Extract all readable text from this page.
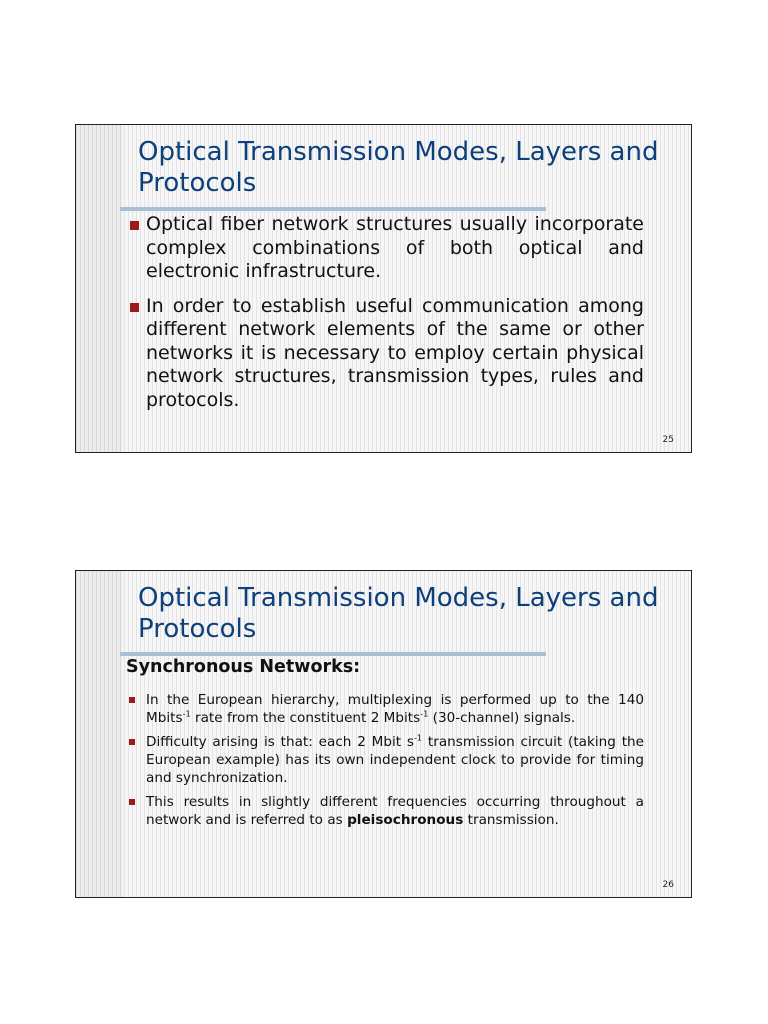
Optical Transmission Modes, Layers and Protocols
Optical fiber network structures usually incorporate complex combinations of both optical and electronic infrastructure.
In order to establish useful communication among different network elements of the same or other networks it is necessary to employ certain physical network structures, transmission types, rules and protocols.
25
Optical Transmission Modes, Layers and Protocols
Synchronous Networks:
In the European hierarchy, multiplexing is performed up to the 140 Mbits$^{-1}$ rate from the constituent 2 Mbits$^{-1}$ (30-channel) signals.
Difficulty arising is that: each 2 Mbit $s^{-1}$ transmission circuit (taking the European example) has its own independent clock to provide for timing and synchronization.
This results in slightly different frequencies occurring throughout a network and is referred to as pleisochronous transmission.
26
